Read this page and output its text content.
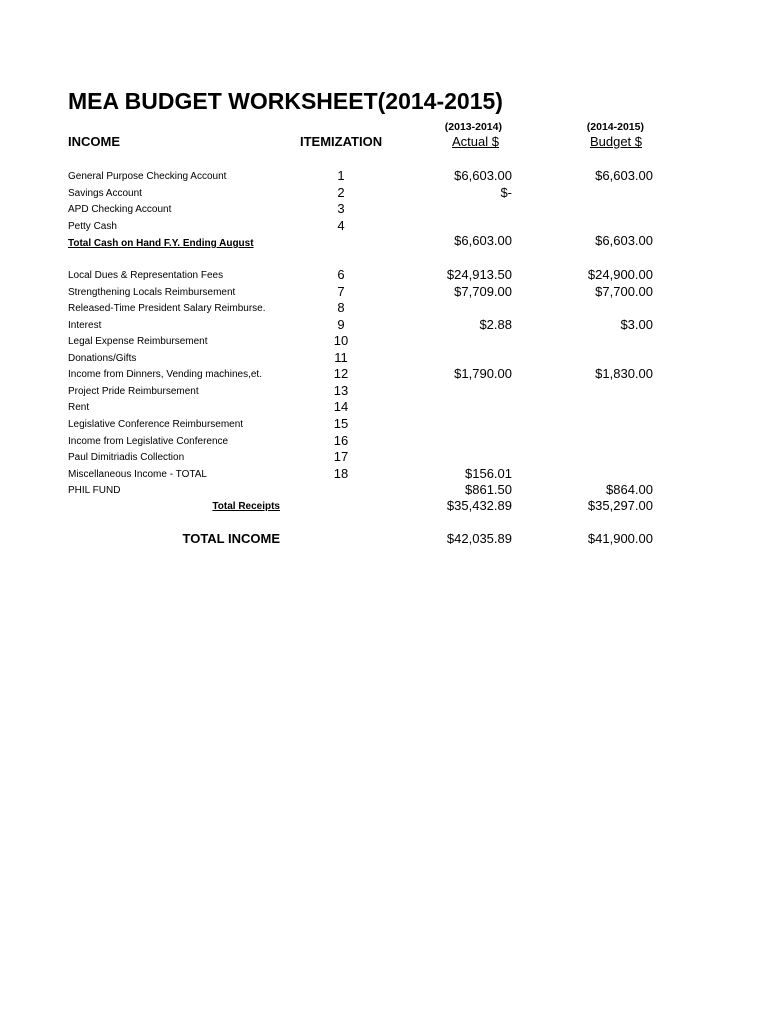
MEA BUDGET WORKSHEET(2014-2015)
(2013-2014)	(2014-2015)
INCOME	ITEMIZATION	Actual $	Budget $
General Purpose Checking Account	1	$6,603.00	$6,603.00
Savings Account	2	$-
APD Checking Account	3
Petty Cash	4
Total Cash on Hand F.Y. Ending August	$6,603.00	$6,603.00
Local Dues & Representation Fees	6	$24,913.50	$24,900.00
Strengthening Locals Reimbursement	7	$7,709.00	$7,700.00
Released-Time President Salary Reimburse.	8
Interest	9	$2.88	$3.00
Legal Expense Reimbursement	10
Donations/Gifts	11
Income from Dinners, Vending machines,et.	12	$1,790.00	$1,830.00
Project Pride Reimbursement	13
Rent	14
Legislative Conference Reimbursement	15
Income from Legislative Conference	16
Paul Dimitriadis Collection	17
Miscellaneous Income - TOTAL	18	$156.01
PHIL FUND	$861.50	$864.00
Total Receipts	$35,432.89	$35,297.00
TOTAL INCOME	$42,035.89	$41,900.00
